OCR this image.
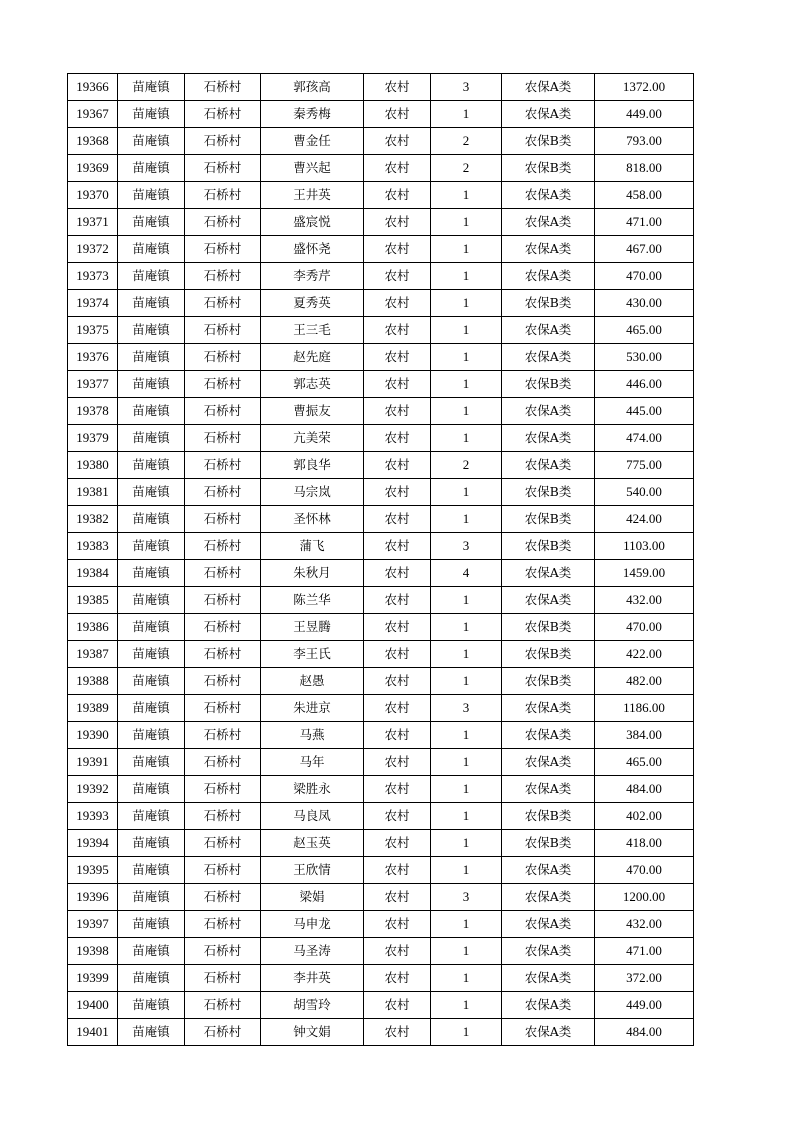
19366	苗庵镇	石桥村	郭孩高	农村	3	农保A类	1372.00
19367	苗庵镇	石桥村	秦秀梅	农村	1	农保A类	449.00
19368	苗庵镇	石桥村	曹金任	农村	2	农保B类	793.00
19369	苗庵镇	石桥村	曹兴起	农村	2	农保B类	818.00
19370	苗庵镇	石桥村	王井英	农村	1	农保A类	458.00
19371	苗庵镇	石桥村	盛宸悦	农村	1	农保A类	471.00
19372	苗庵镇	石桥村	盛怀尧	农村	1	农保A类	467.00
19373	苗庵镇	石桥村	李秀芹	农村	1	农保A类	470.00
19374	苗庵镇	石桥村	夏秀英	农村	1	农保B类	430.00
19375	苗庵镇	石桥村	王三毛	农村	1	农保A类	465.00
19376	苗庵镇	石桥村	赵先庭	农村	1	农保A类	530.00
19377	苗庵镇	石桥村	郭志英	农村	1	农保B类	446.00
19378	苗庵镇	石桥村	曹振友	农村	1	农保A类	445.00
19379	苗庵镇	石桥村	亢美荣	农村	1	农保A类	474.00
19380	苗庵镇	石桥村	郭良华	农村	2	农保A类	775.00
19381	苗庵镇	石桥村	马宗岚	农村	1	农保B类	540.00
19382	苗庵镇	石桥村	圣怀林	农村	1	农保B类	424.00
19383	苗庵镇	石桥村	蒲飞	农村	3	农保B类	1103.00
19384	苗庵镇	石桥村	朱秋月	农村	4	农保A类	1459.00
19385	苗庵镇	石桥村	陈兰华	农村	1	农保A类	432.00
19386	苗庵镇	石桥村	王昱腾	农村	1	农保B类	470.00
19387	苗庵镇	石桥村	李王氏	农村	1	农保B类	422.00
19388	苗庵镇	石桥村	赵愚	农村	1	农保B类	482.00
19389	苗庵镇	石桥村	朱进京	农村	3	农保A类	1186.00
19390	苗庵镇	石桥村	马燕	农村	1	农保A类	384.00
19391	苗庵镇	石桥村	马年	农村	1	农保A类	465.00
19392	苗庵镇	石桥村	梁胜永	农村	1	农保A类	484.00
19393	苗庵镇	石桥村	马良凤	农村	1	农保B类	402.00
19394	苗庵镇	石桥村	赵玉英	农村	1	农保B类	418.00
19395	苗庵镇	石桥村	王欣情	农村	1	农保A类	470.00
19396	苗庵镇	石桥村	梁娟	农村	3	农保A类	1200.00
19397	苗庵镇	石桥村	马申龙	农村	1	农保A类	432.00
19398	苗庵镇	石桥村	马圣涛	农村	1	农保A类	471.00
19399	苗庵镇	石桥村	李井英	农村	1	农保A类	372.00
19400	苗庵镇	石桥村	胡雪玲	农村	1	农保A类	449.00
19401	苗庵镇	石桥村	钟文娟	农村	1	农保A类	484.00
